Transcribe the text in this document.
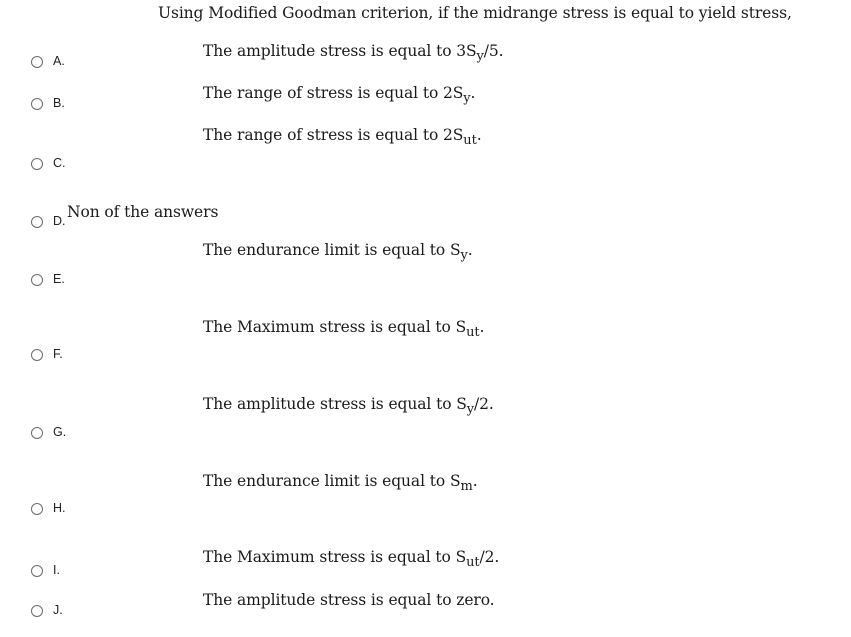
Using Modified Goodman criterion, if the midrange stress is equal to yield stress,
A.
The amplitude stress is equal to $3S_y/5$.
B.
The range of stress is equal to $2S_y$.
C.
The range of stress is equal to $2S_{ut}$.
D. Non of the answers
E.
The endurance limit is equal to $S_y$.
F.
The Maximum stress is equal to $S_{ut}$.
G.
The amplitude stress is equal to $S_y/2$.
H.
The endurance limit is equal to $S_m$.
I.
The Maximum stress is equal to $S_{ut}/2$.
J.
The amplitude stress is equal to zero.
